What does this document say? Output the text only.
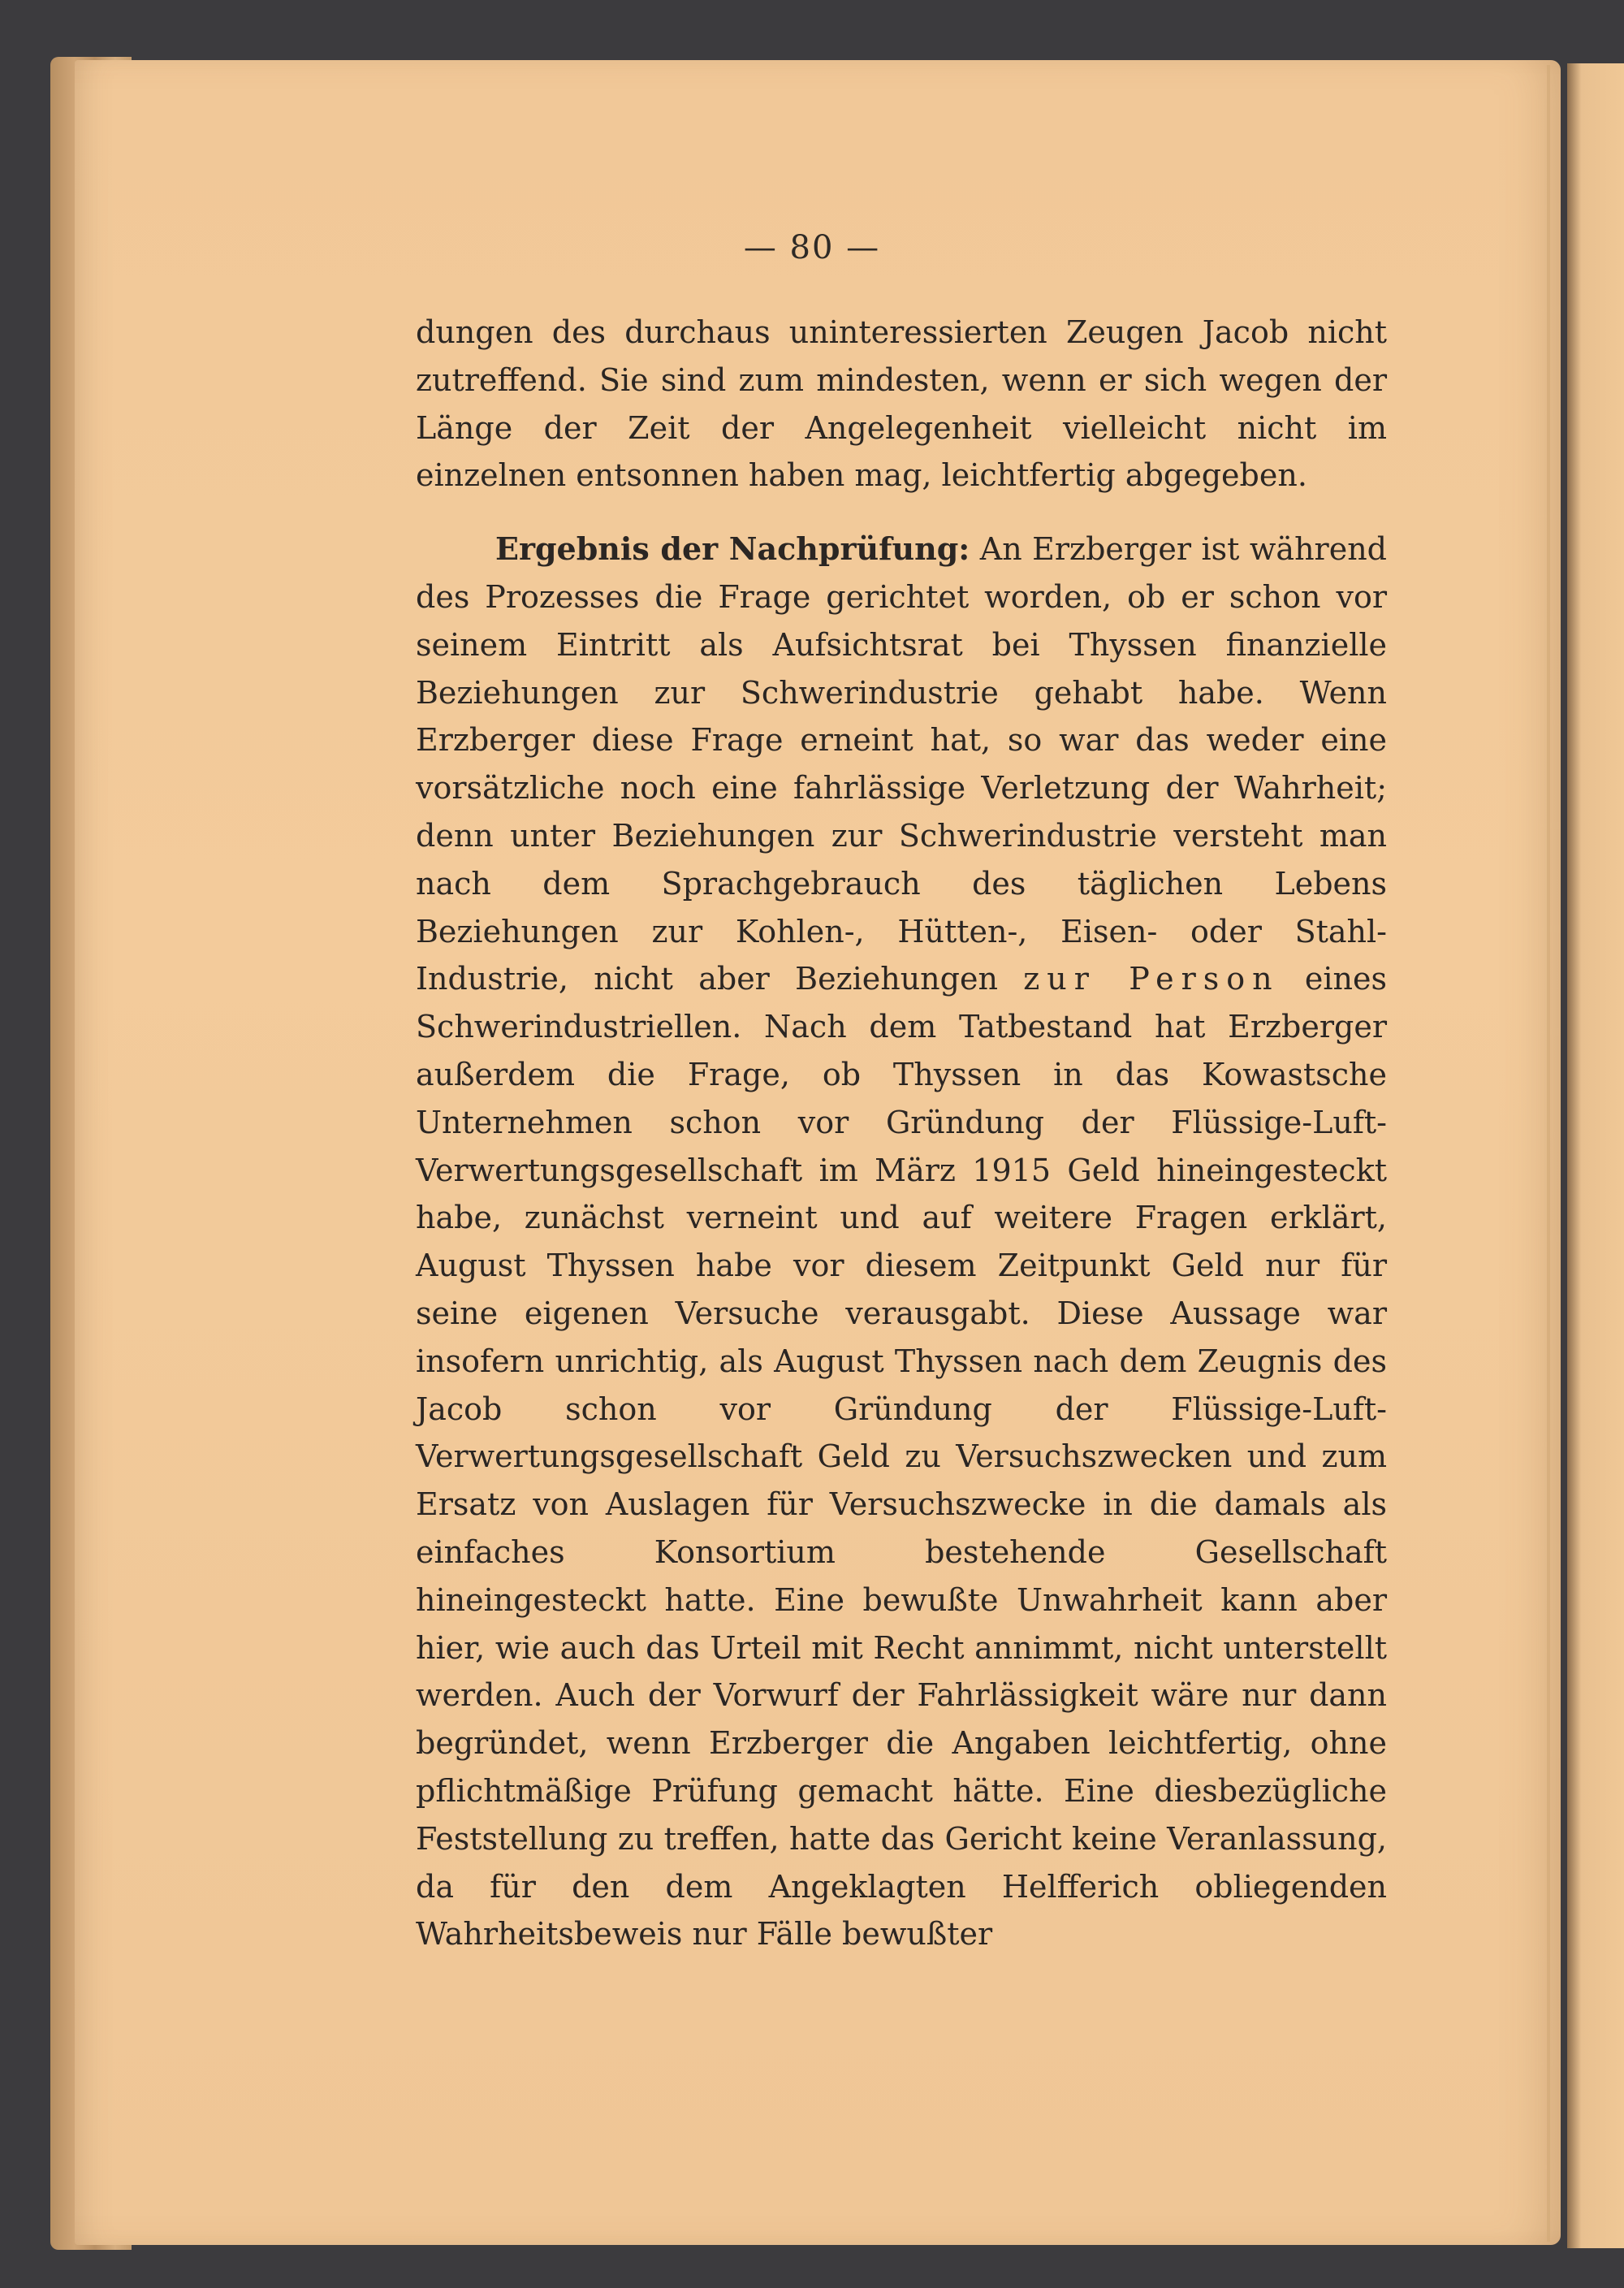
— 80 —

dungen des durchaus uninteressierten Zeugen Jacob nicht zutreffend. Sie sind zum mindesten, wenn er sich wegen der Länge der Zeit der Angelegenheit vielleicht nicht im einzelnen entsonnen haben mag, leichtfertig abgegeben.

Ergebnis der Nachprüfung: An Erzberger ist während des Prozesses die Frage gerichtet worden, ob er schon vor seinem Eintritt als Aufsichtsrat bei Thyssen finanzielle Beziehungen zur Schwerindustrie gehabt habe. Wenn Erzberger diese Frage erneint hat, so war das weder eine vorsätzliche noch eine fahrlässige Verletzung der Wahrheit; denn unter Beziehungen zur Schwerindustrie versteht man nach dem Sprachgebrauch des täglichen Lebens Beziehungen zur Kohlen-, Hütten-, Eisen- oder Stahl-Industrie, nicht aber Beziehungen zur Person eines Schwerindustriellen. Nach dem Tatbestand hat Erzberger außerdem die Frage, ob Thyssen in das Kowastsche Unternehmen schon vor Gründung der Flüssige-Luft-Verwertungsgesellschaft im März 1915 Geld hineingesteckt habe, zunächst verneint und auf weitere Fragen erklärt, August Thyssen habe vor diesem Zeitpunkt Geld nur für seine eigenen Versuche verausgabt. Diese Aussage war insofern unrichtig, als August Thyssen nach dem Zeugnis des Jacob schon vor Gründung der Flüssige-Luft-Verwertungsgesellschaft Geld zu Versuchszwecken und zum Ersatz von Auslagen für Versuchszwecke in die damals als einfaches Konsortium bestehende Gesellschaft hineingesteckt hatte. Eine bewußte Unwahrheit kann aber hier, wie auch das Urteil mit Recht annimmt, nicht unterstellt werden. Auch der Vorwurf der Fahrlässigkeit wäre nur dann begründet, wenn Erzberger die Angaben leichtfertig, ohne pflichtmäßige Prüfung gemacht hätte. Eine diesbezügliche Feststellung zu treffen, hatte das Gericht keine Veranlassung, da für den dem Angeklagten Helfferich obliegenden Wahrheitsbeweis nur Fälle bewußter
